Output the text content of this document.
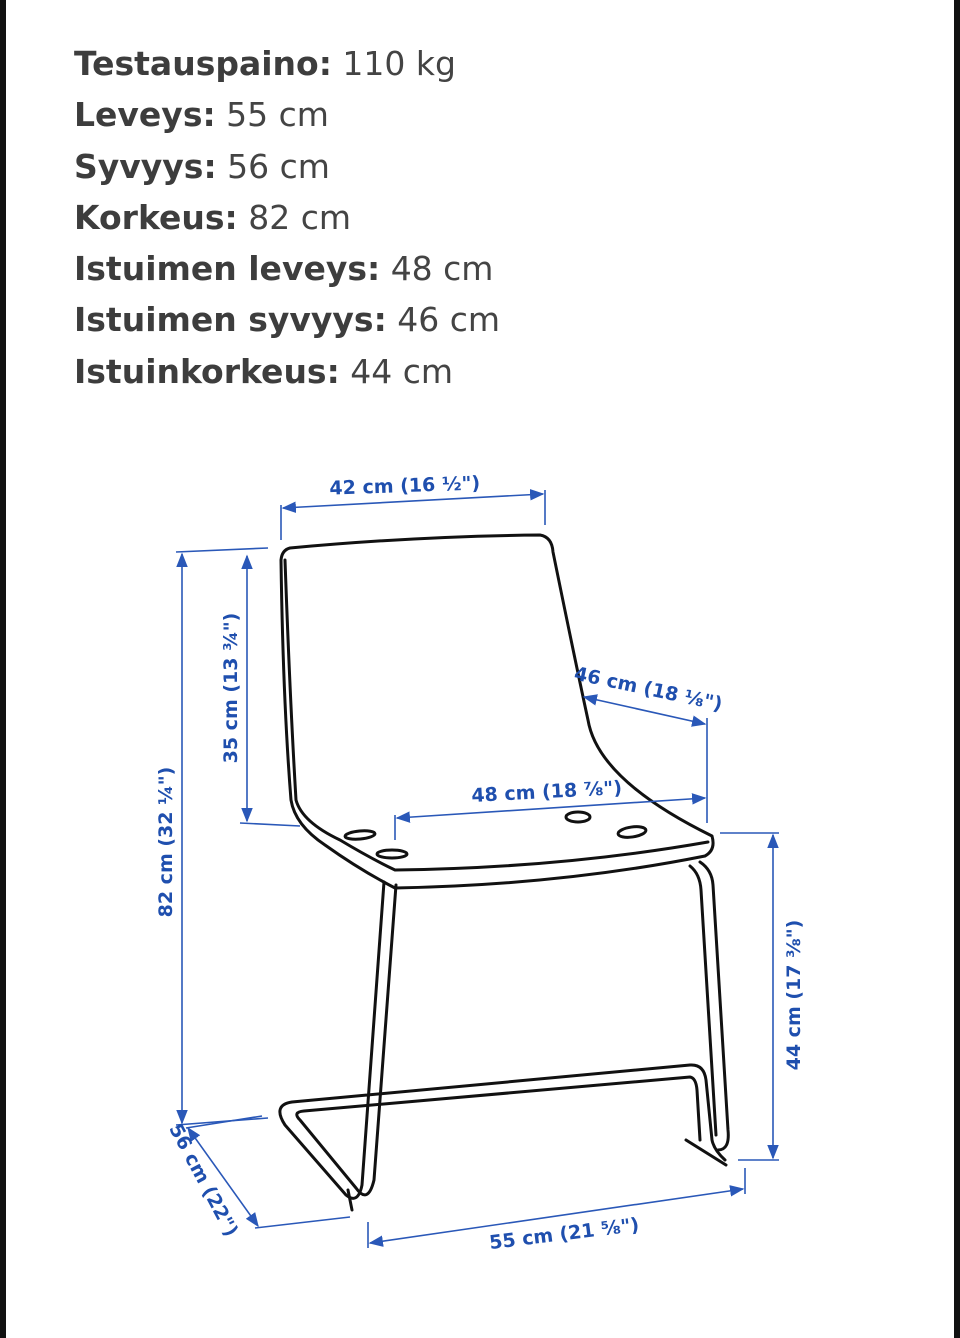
Testauspaino: 110 kg
Leveys: 55 cm
Syvyys: 56 cm
Korkeus: 82 cm
Istuimen leveys: 48 cm
Istuimen syvyys: 46 cm
Istuinkorkeus: 44 cm
42 cm (16 ½")
82 cm (32 ¼")
35 cm (13 ¾")	46 cm (18 ⅛")
48 cm (18 ⅞")
44 cm (17 ⅜")
56 cm (22")	55 cm (21 ⅝")
